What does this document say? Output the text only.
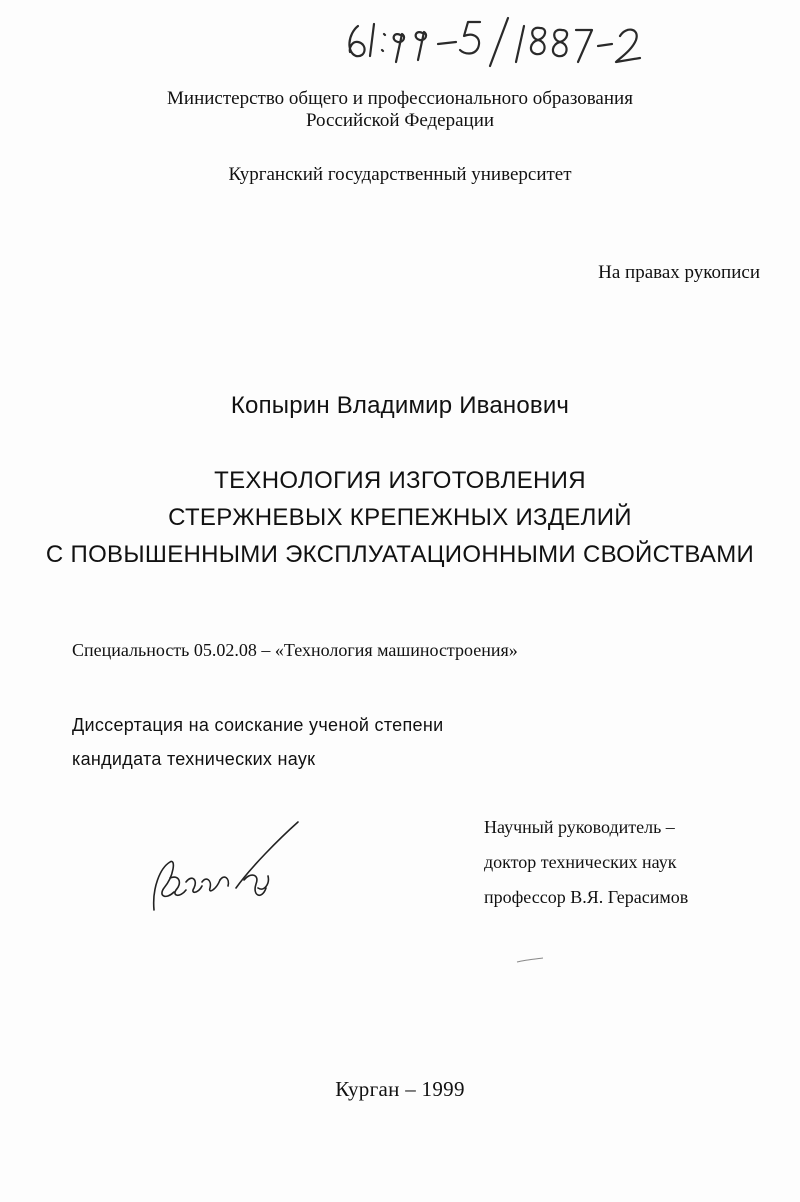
Министерство общего и профессионального образования
Российской Федерации
Курганский государственный университет
На правах рукописи
Копырин Владимир Иванович
ТЕХНОЛОГИЯ ИЗГОТОВЛЕНИЯ
СТЕРЖНЕВЫХ КРЕПЕЖНЫХ ИЗДЕЛИЙ
С ПОВЫШЕННЫМИ ЭКСПЛУАТАЦИОННЫМИ СВОЙСТВАМИ
Специальность 05.02.08 – «Технология машиностроения»
Диссертация на соискание ученой степени
кандидата технических наук
Научный руководитель –
доктор технических наук
профессор В.Я. Герасимов
Курган – 1999
